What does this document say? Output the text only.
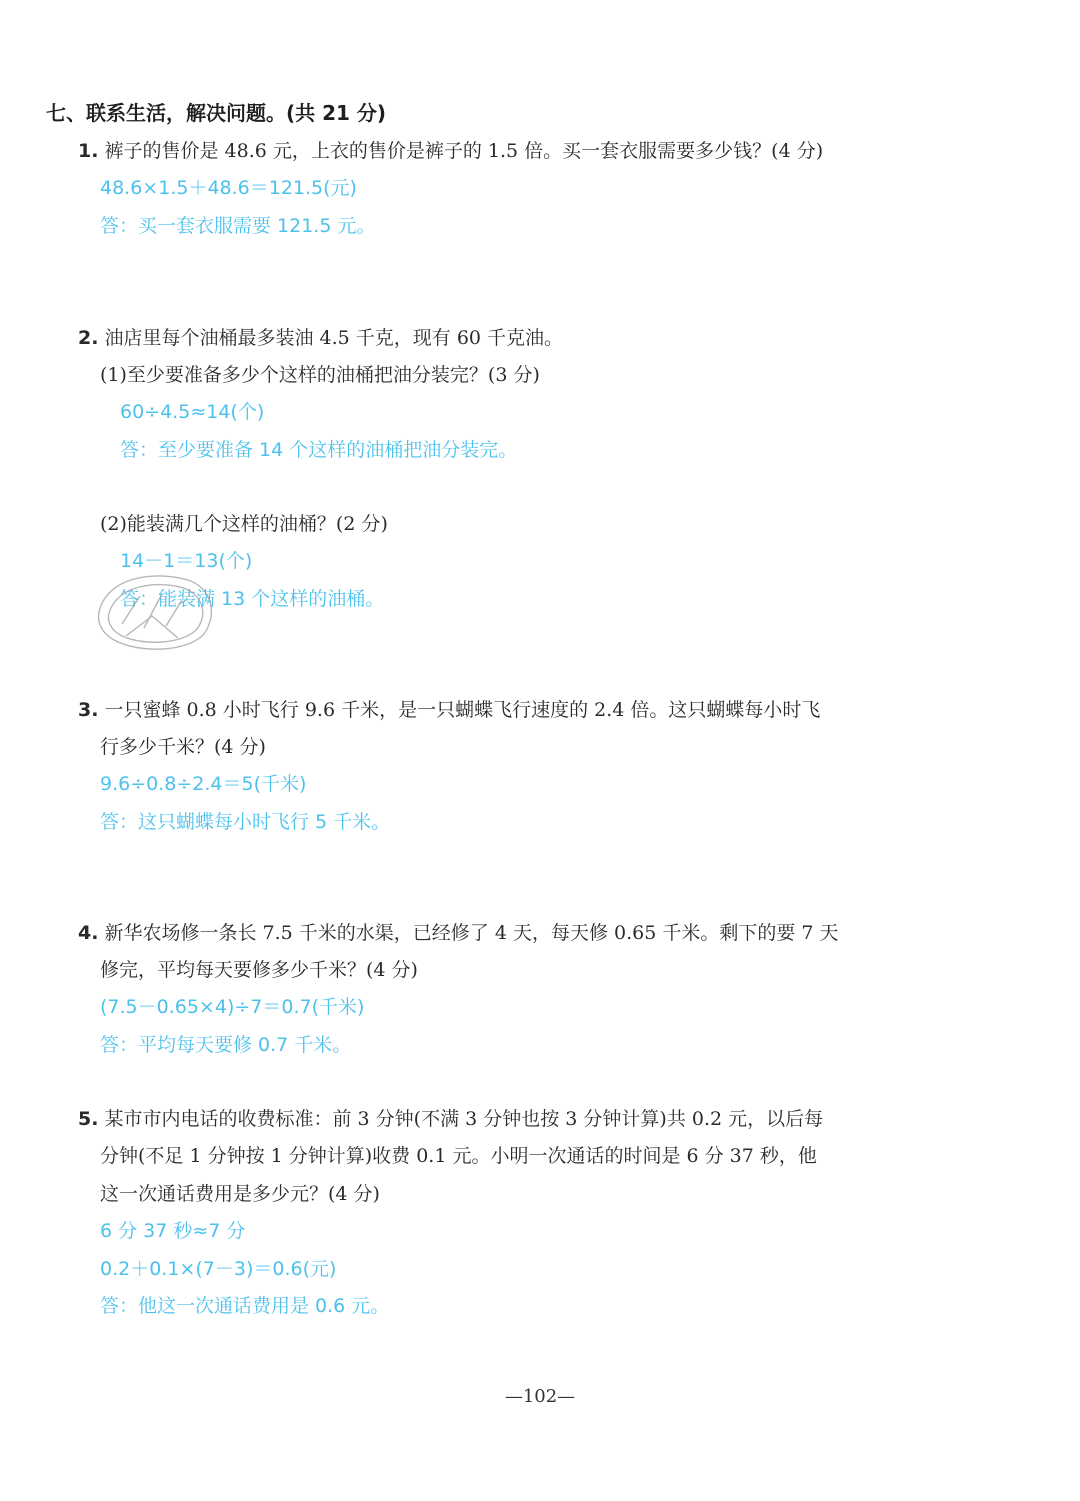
七、联系生活，解决问题。(共 21 分)
1. 裤子的售价是 48.6 元，上衣的售价是裤子的 1.5 倍。买一套衣服需要多少钱？(4 分)
48.6×1.5＋48.6＝121.5(元)
答：买一套衣服需要 121.5 元。
2. 油店里每个油桶最多装油 4.5 千克，现有 60 千克油。
(1)至少要准备多少个这样的油桶把油分装完？(3 分)
60÷4.5≈14(个)
答：至少要准备 14 个这样的油桶把油分装完。
(2)能装满几个这样的油桶？(2 分)
14－1＝13(个)
答：能装满 13 个这样的油桶。
3. 一只蜜蜂 0.8 小时飞行 9.6 千米，是一只蝴蝶飞行速度的 2.4 倍。这只蝴蝶每小时飞
行多少千米？(4 分)
9.6÷0.8÷2.4＝5(千米)
答：这只蝴蝶每小时飞行 5 千米。
4. 新华农场修一条长 7.5 千米的水渠，已经修了 4 天，每天修 0.65 千米。剩下的要 7 天
修完，平均每天要修多少千米？(4 分)
(7.5－0.65×4)÷7＝0.7(千米)
答：平均每天要修 0.7 千米。
5. 某市市内电话的收费标准：前 3 分钟(不满 3 分钟也按 3 分钟计算)共 0.2 元，以后每
分钟(不足 1 分钟按 1 分钟计算)收费 0.1 元。小明一次通话的时间是 6 分 37 秒，他
这一次通话费用是多少元？(4 分)
6 分 37 秒≈7 分
0.2＋0.1×(7－3)＝0.6(元)
答：他这一次通话费用是 0.6 元。
—102—
